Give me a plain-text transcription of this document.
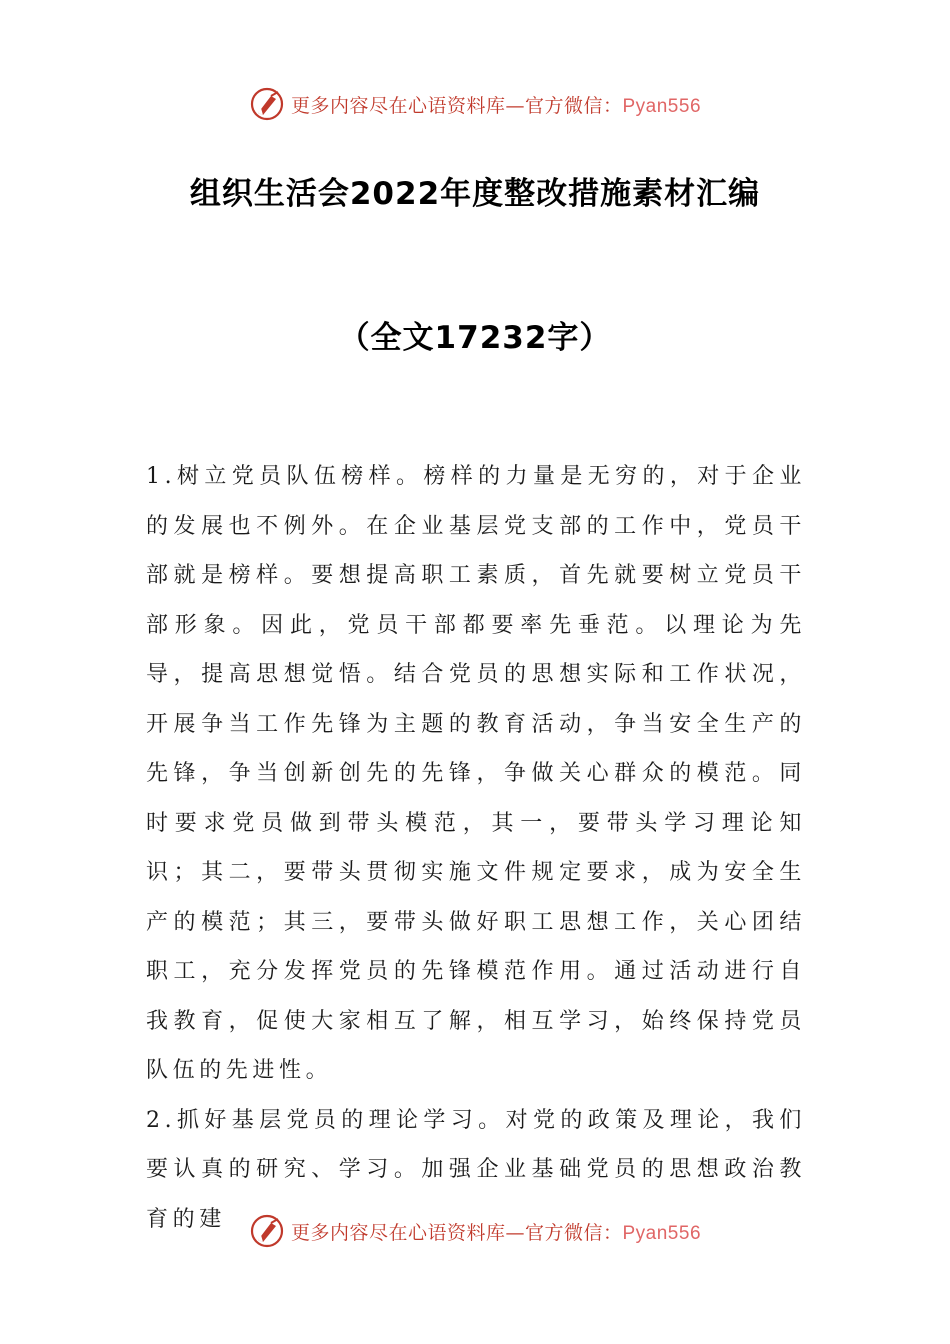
更多内容尽在心语资料库—官方微信：Pyan556
组织生活会2022年度整改措施素材汇编
（全文17232字）

1.树立党员队伍榜样。榜样的力量是无穷的，对于企业的发展也不例外。在企业基层党支部的工作中，党员干部就是榜样。要想提高职工素质，首先就要树立党员干部形象。因此，党员干部都要率先垂范。以理论为先导，提高思想觉悟。结合党员的思想实际和工作状况，开展争当工作先锋为主题的教育活动，争当安全生产的先锋，争当创新创先的先锋，争做关心群众的模范。同时要求党员做到带头模范，其一，要带头学习理论知识；其二，要带头贯彻实施文件规定要求，成为安全生产的模范；其三，要带头做好职工思想工作，关心团结职工，充分发挥党员的先锋模范作用。通过活动进行自我教育，促使大家相互了解，相互学习，始终保持党员队伍的先进性。

2.抓好基层党员的理论学习。对党的政策及理论，我们要认真的研究、学习。加强企业基础党员的思想政治教育的建

更多内容尽在心语资料库—官方微信：Pyan556
